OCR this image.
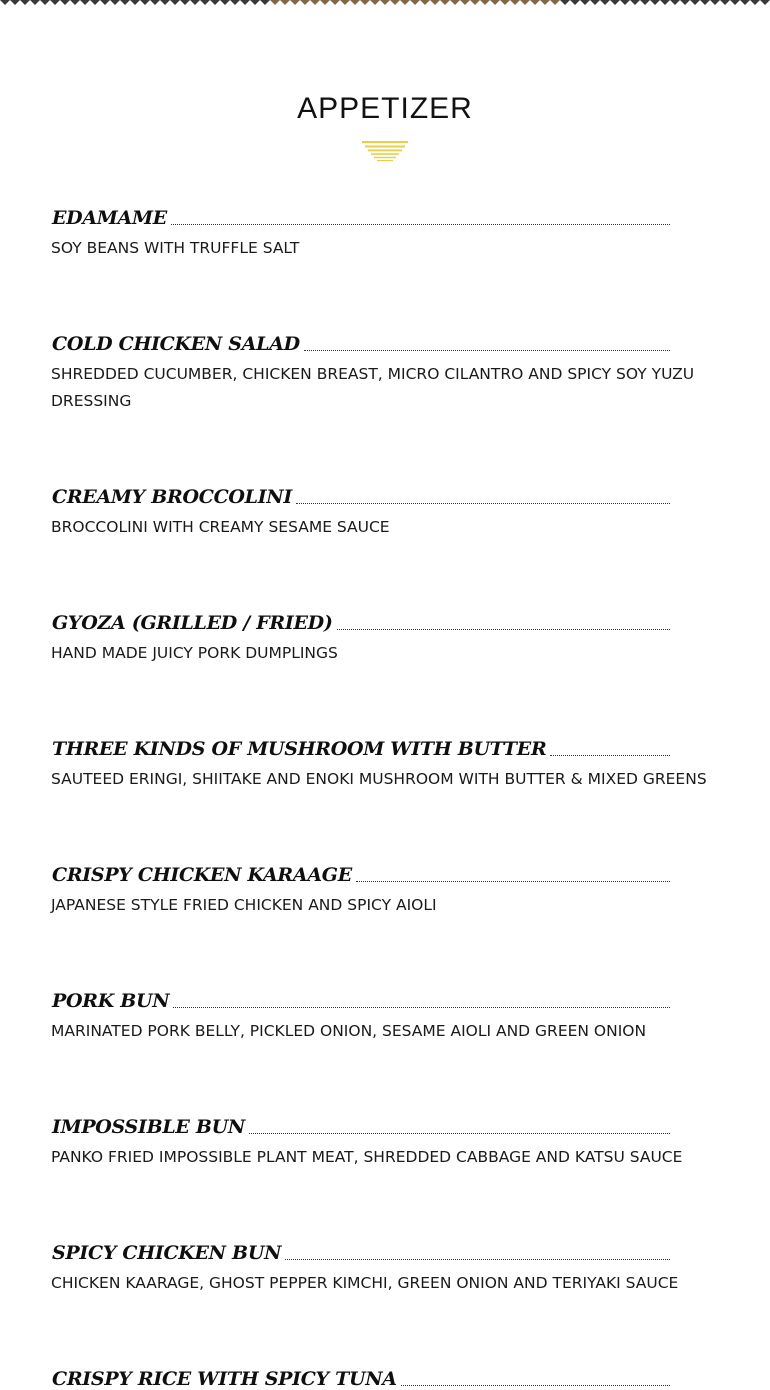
APPETIZER
EDAMAME
SOY BEANS WITH TRUFFLE SALT
COLD CHICKEN SALAD
SHREDDED CUCUMBER, CHICKEN BREAST, MICRO CILANTRO AND SPICY SOY YUZU DRESSING
CREAMY BROCCOLINI
BROCCOLINI WITH CREAMY SESAME SAUCE
GYOZA (GRILLED / FRIED)
HAND MADE JUICY PORK DUMPLINGS
THREE KINDS OF MUSHROOM WITH BUTTER
SAUTEED ERINGI, SHIITAKE AND ENOKI MUSHROOM WITH BUTTER & MIXED GREENS
CRISPY CHICKEN KARAAGE
JAPANESE STYLE FRIED CHICKEN AND SPICY AIOLI
PORK BUN
MARINATED PORK BELLY, PICKLED ONION, SESAME AIOLI AND GREEN ONION
IMPOSSIBLE BUN
PANKO FRIED IMPOSSIBLE PLANT MEAT, SHREDDED CABBAGE AND KATSU SAUCE
SPICY CHICKEN BUN
CHICKEN KAARAGE, GHOST PEPPER KIMCHI, GREEN ONION AND TERIYAKI SAUCE
CRISPY RICE WITH SPICY TUNA
